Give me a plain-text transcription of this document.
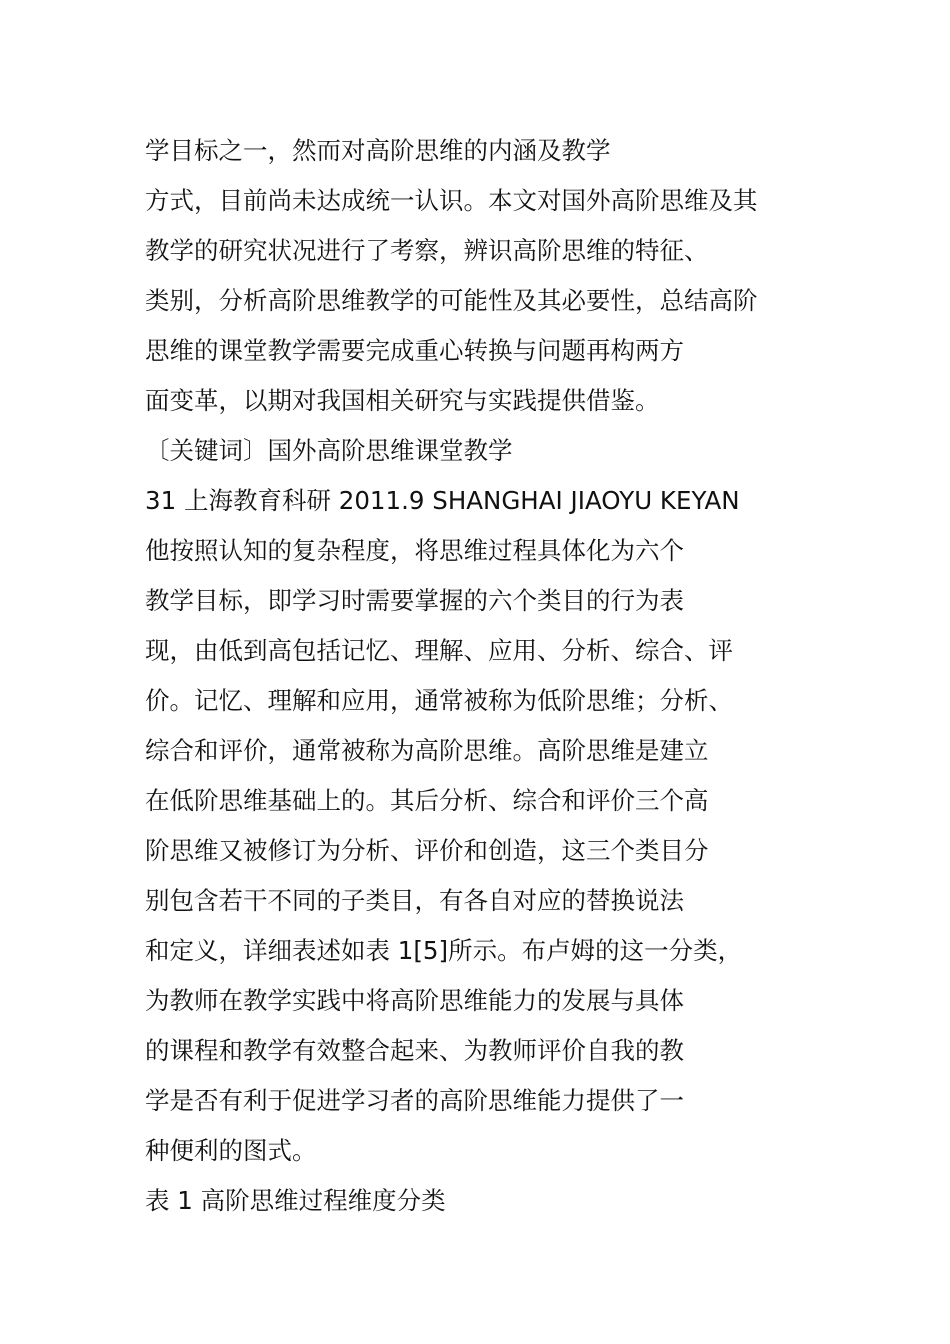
学目标之一，然而对高阶思维的内涵及教学
方式，目前尚未达成统一认识。本文对国外高阶思维及其
教学的研究状况进行了考察，辨识高阶思维的特征、
类别，分析高阶思维教学的可能性及其必要性，总结高阶
思维的课堂教学需要完成重心转换与问题再构两方
面变革，以期对我国相关研究与实践提供借鉴。
〔关键词〕国外高阶思维课堂教学
31 上海教育科研 2011.9 SHANGHAI JIAOYU KEYAN
他按照认知的复杂程度，将思维过程具体化为六个
教学目标，即学习时需要掌握的六个类目的行为表
现，由低到高包括记忆、理解、应用、分析、综合、评
价。记忆、理解和应用，通常被称为低阶思维；分析、
综合和评价，通常被称为高阶思维。高阶思维是建立
在低阶思维基础上的。其后分析、综合和评价三个高
阶思维又被修订为分析、评价和创造，这三个类目分
别包含若干不同的子类目，有各自对应的替换说法
和定义，详细表述如表 1[5]所示。布卢姆的这一分类，
为教师在教学实践中将高阶思维能力的发展与具体
的课程和教学有效整合起来、为教师评价自我的教
学是否有利于促进学习者的高阶思维能力提供了一
种便利的图式。
表 1 高阶思维过程维度分类
